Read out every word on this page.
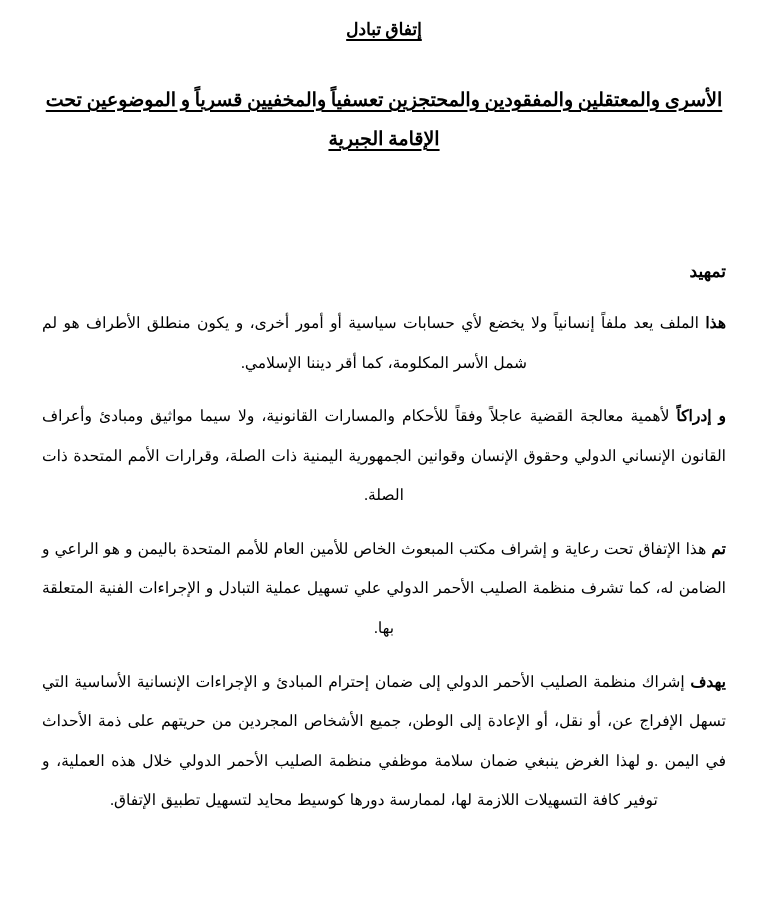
إتفاق تبادل
الأسرى والمعتقلين والمفقودين والمحتجزين تعسفياً والمخفيين قسرياً و الموضوعين تحت
الإقامة الجبرية
تمهيد

هذا الملف يعد ملفاً إنسانياً ولا يخضع لأي حسابات سياسية أو أمور أخرى، و يكون منطلق الأطراف هو لم شمل الأسر المكلومة، كما أقر ديننا الإسلامي.

و إدراكاً لأهمية معالجة القضية عاجلاً وفقاً للأحكام والمسارات القانونية، ولا سيما مواثيق ومبادئ وأعراف القانون الإنساني الدولي وحقوق الإنسان وقوانين الجمهورية اليمنية ذات الصلة، وقرارات الأمم المتحدة ذات الصلة.

تم هذا الإتفاق تحت رعاية و إشراف مكتب المبعوث الخاص للأمين العام للأمم المتحدة باليمن و هو الراعي و الضامن له، كما تشرف منظمة الصليب الأحمر الدولي علي تسهيل عملية التبادل و الإجراءات الفنية المتعلقة بها.

يهدف إشراك منظمة الصليب الأحمر الدولي إلى ضمان إحترام المبادئ و الإجراءات الإنسانية الأساسية التي تسهل الإفراج عن، أو نقل، أو الإعادة إلى الوطن، جميع الأشخاص المجردين من حريتهم على ذمة الأحداث في اليمن .و لهذا الغرض ينبغي ضمان سلامة موظفي منظمة الصليب الأحمر الدولي خلال هذه العملية، و توفير كافة التسهيلات اللازمة لها، لممارسة دورها كوسيط محايد لتسهيل تطبيق الإتفاق.
